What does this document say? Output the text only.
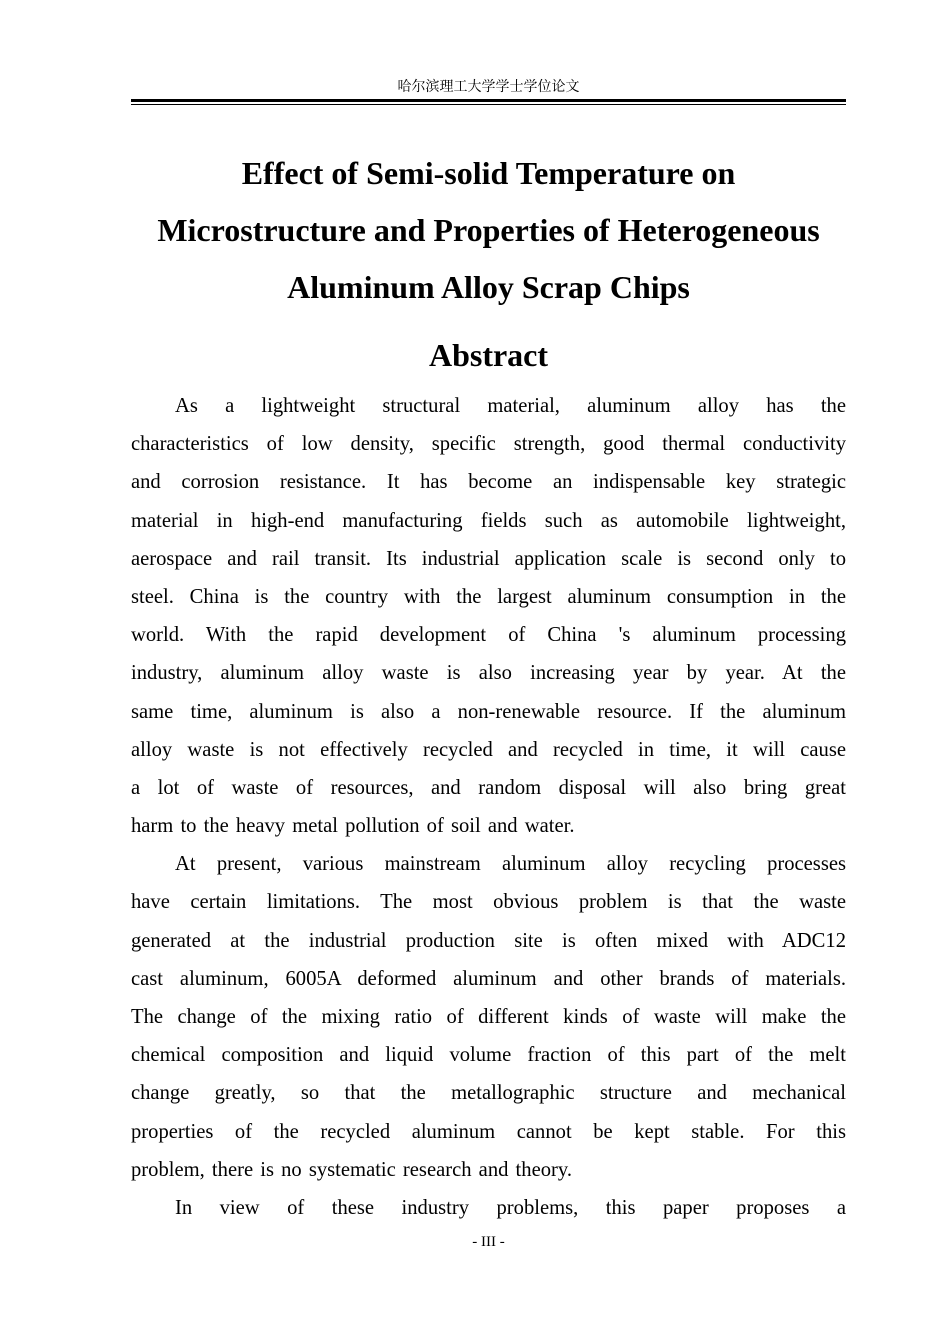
哈尔滨理工大学学士学位论文
Effect of Semi-solid Temperature on
Microstructure and Properties of Heterogeneous
Aluminum Alloy Scrap Chips
Abstract
As a lightweight structural material, aluminum alloy has the
characteristics of low density, specific strength, good thermal conductivity
and corrosion resistance. It has become an indispensable key strategic
material in high-end manufacturing fields such as automobile lightweight,
aerospace and rail transit. Its industrial application scale is second only to
steel. China is the country with the largest aluminum consumption in the
world. With the rapid development of China 's aluminum processing
industry, aluminum alloy waste is also increasing year by year. At the
same time, aluminum is also a non-renewable resource. If the aluminum
alloy waste is not effectively recycled and recycled in time, it will cause
a lot of waste of resources, and random disposal will also bring great
harm to the heavy metal pollution of soil and water.
At present, various mainstream aluminum alloy recycling processes
have certain limitations. The most obvious problem is that the waste
generated at the industrial production site is often mixed with ADC12
cast aluminum, 6005A deformed aluminum and other brands of materials.
The change of the mixing ratio of different kinds of waste will make the
chemical composition and liquid volume fraction of this part of the melt
change greatly, so that the metallographic structure and mechanical
properties of the recycled aluminum cannot be kept stable. For this
problem, there is no systematic research and theory.
In view of these industry problems, this paper proposes a
- III -
